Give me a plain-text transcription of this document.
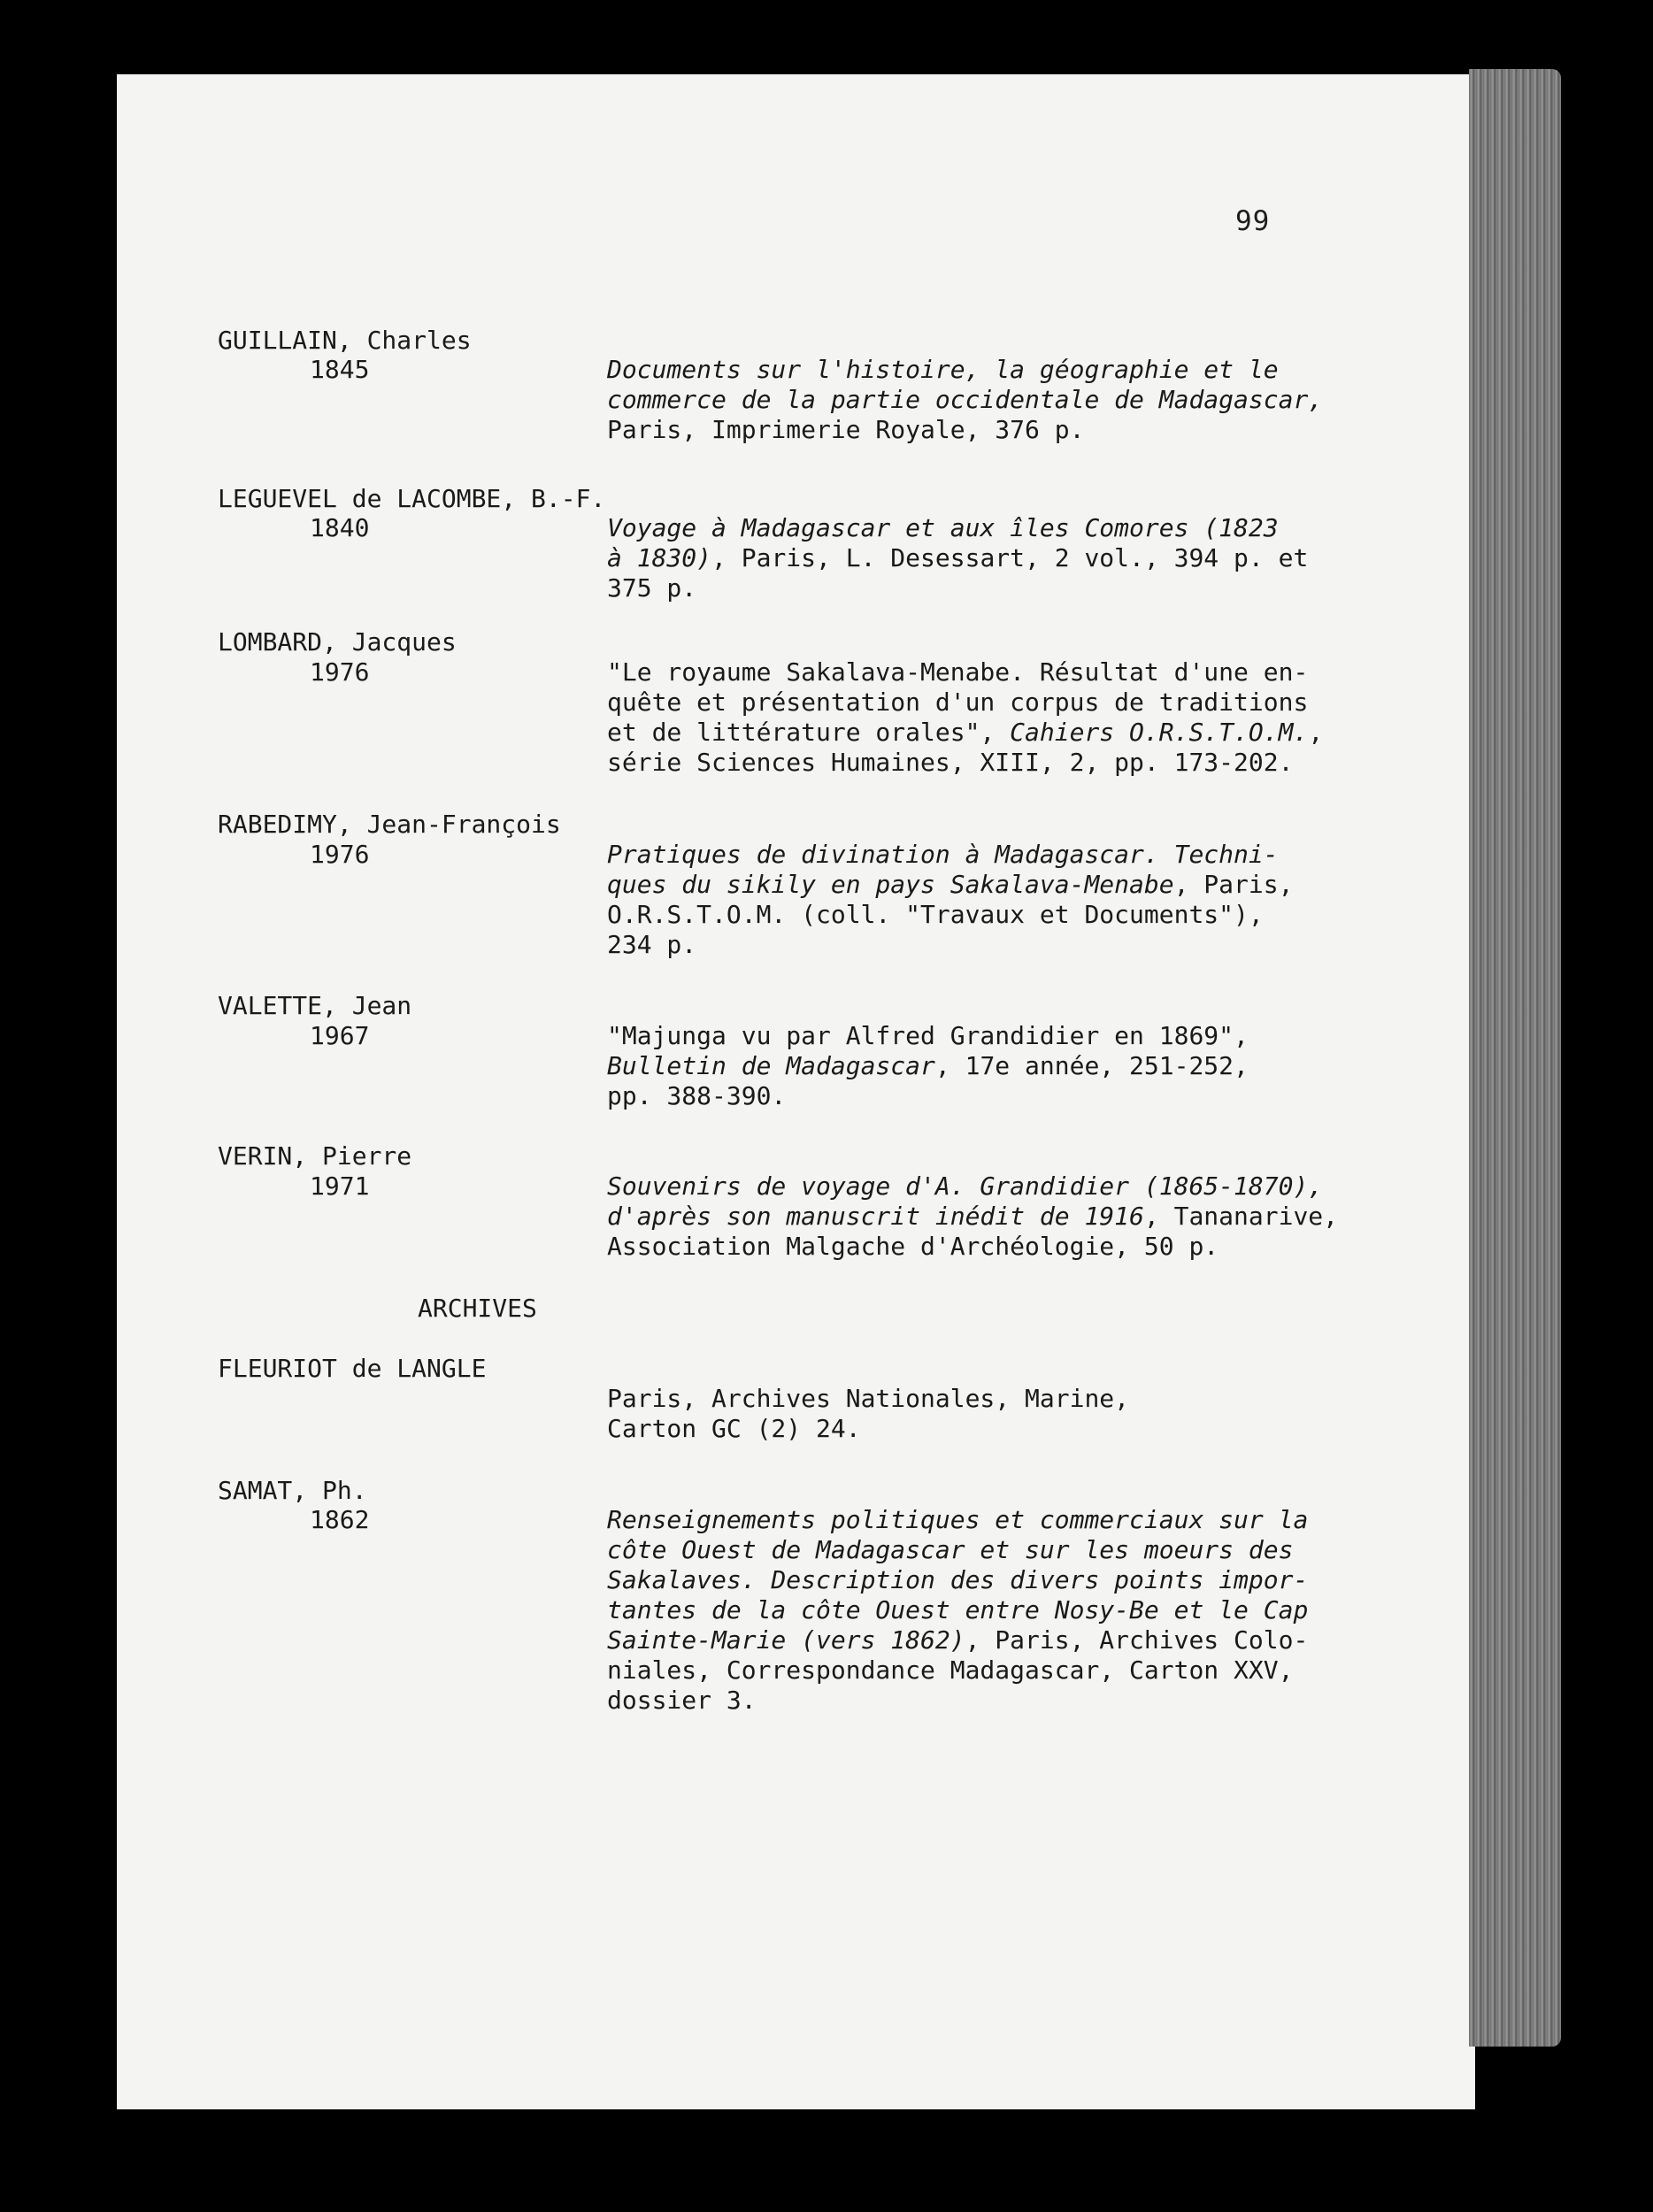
99
ARCHIVES
GUILLAIN, Charles
1845	Documents sur l'histoire, la géographie et le
commerce de la partie occidentale de Madagascar,
Paris, Imprimerie Royale, 376 p.
LEGUEVEL de LACOMBE, B.-F.
1840	Voyage à Madagascar et aux îles Comores (1823
à 1830), Paris, L. Desessart, 2 vol., 394 p. et
375 p.
LOMBARD, Jacques
1976	"Le royaume Sakalava-Menabe. Résultat d'une en-
quête et présentation d'un corpus de traditions
et de littérature orales", Cahiers O.R.S.T.O.M.,
série Sciences Humaines, XIII, 2, pp. 173-202.
RABEDIMY, Jean-François
1976	Pratiques de divination à Madagascar. Techni-
ques du sikily en pays Sakalava-Menabe, Paris,
O.R.S.T.O.M. (coll. "Travaux et Documents"),
234 p.
VALETTE, Jean
1967	"Majunga vu par Alfred Grandidier en 1869",
Bulletin de Madagascar, 17e année, 251-252,
pp. 388-390.
VERIN, Pierre
1971	Souvenirs de voyage d'A. Grandidier (1865-1870),
d'après son manuscrit inédit de 1916, Tananarive,
Association Malgache d'Archéologie, 50 p.
FLEURIOT de LANGLE
Paris, Archives Nationales, Marine,
Carton GC (2) 24.
SAMAT, Ph.
1862	Renseignements politiques et commerciaux sur la
côte Ouest de Madagascar et sur les moeurs des
Sakalaves. Description des divers points impor-
tantes de la côte Ouest entre Nosy-Be et le Cap
Sainte-Marie (vers 1862), Paris, Archives Colo-
niales, Correspondance Madagascar, Carton XXV,
dossier 3.
